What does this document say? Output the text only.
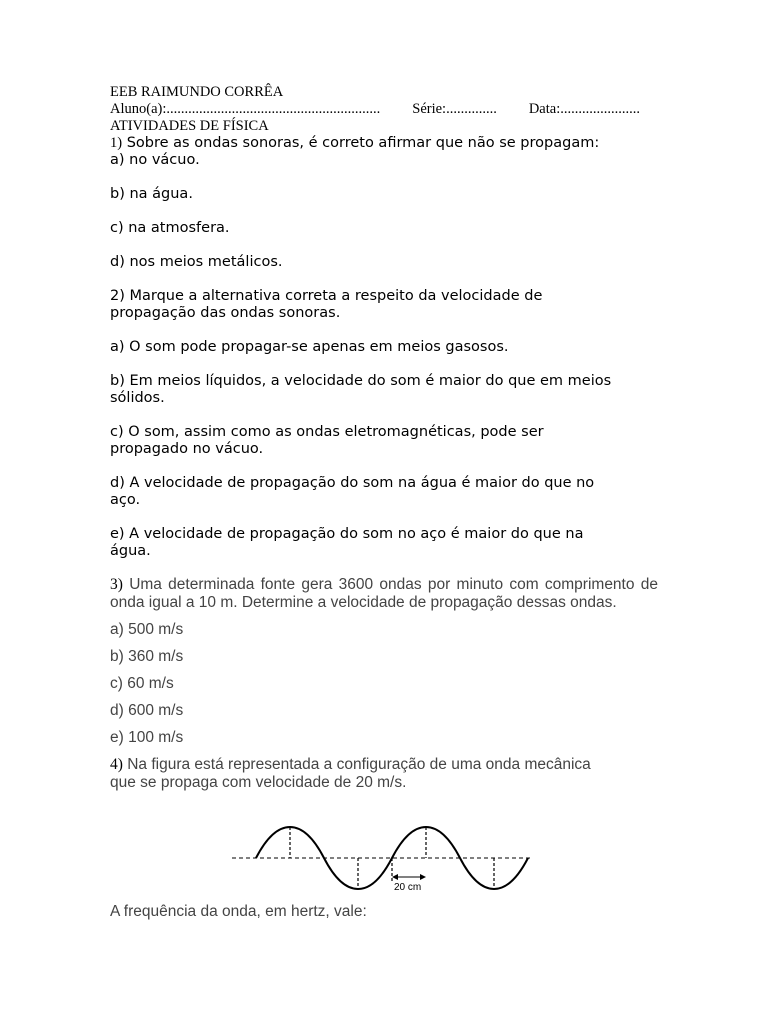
EEB RAIMUNDO CORRÊA
Aluno(a):........................................................... Série:.............. Data:......................
ATIVIDADES DE FÍSICA
1) Sobre as ondas sonoras, é correto afirmar que não se propagam:
a) no vácuo.
b) na água.
c) na atmosfera.
d) nos meios metálicos.
2) Marque a alternativa correta a respeito da velocidade de
propagação das ondas sonoras.
a) O som pode propagar-se apenas em meios gasosos.
b) Em meios líquidos, a velocidade do som é maior do que em meios
sólidos.
c) O som, assim como as ondas eletromagnéticas, pode ser
propagado no vácuo.
d) A velocidade de propagação do som na água é maior do que no
aço.
e) A velocidade de propagação do som no aço é maior do que na
água.
3) Uma determinada fonte gera 3600 ondas por minuto com comprimento de onda igual a 10 m. Determine a velocidade de propagação dessas ondas.
a) 500 m/s
b) 360 m/s
c) 60 m/s
d) 600 m/s
e) 100 m/s
4) Na figura está representada a configuração de uma onda mecânica
que se propaga com velocidade de 20 m/s.
20 cm
A frequência da onda, em hertz, vale:
